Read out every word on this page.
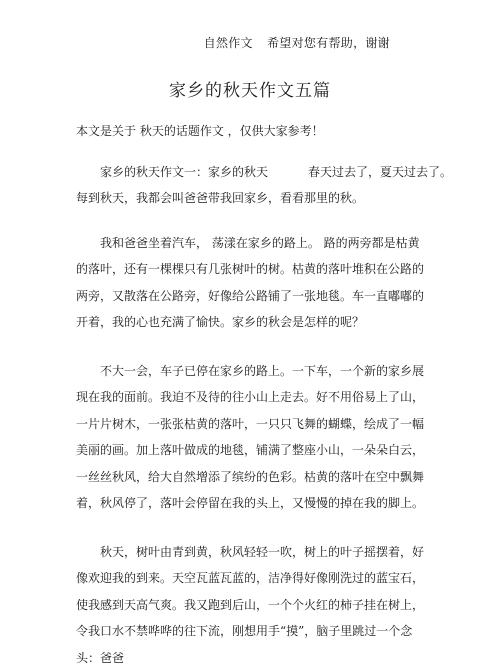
自然作文 希望对您有帮助，谢谢
家乡的秋天作文五篇

本文是关于 秋天的话题作文 ，仅供大家参考！

家乡的秋天作文一：家乡的秋天	春天过去了，夏天过去了。

每到秋天，我都会叫爸爸带我回家乡，看看那里的秋。

我和爸爸坐着汽车， 荡漾在家乡的路上。 路的两旁都是枯黄的落叶，还有一棵棵只有几张树叶的树。枯黄的落叶堆积在公路的两旁，又散落在公路旁，好像给公路铺了一张地毯。车一直嘟嘟的开着，我的心也充满了愉快。家乡的秋会是怎样的呢？

不大一会，车子已停在家乡的路上。一下车，一个新的家乡展现在我的面前。我迫不及待的往小山上走去。好不用俗易上了山，一片片树木，一张张枯黄的落叶，一只只飞舞的蝴蝶，绘成了一幅美丽的画。加上落叶做成的地毯，铺满了整座小山，一朵朵白云，一丝丝秋风，给大自然增添了缤纷的色彩。枯黄的落叶在空中飘舞着，秋风停了，落叶会停留在我的头上，又慢慢的掉在我的脚上。

秋天，树叶由青到黄，秋风轻轻一吹，树上的叶子摇摆着，好像欢迎我的到来。天空瓦蓝瓦蓝的，洁净得好像刚洗过的蓝宝石，使我感到天高气爽。我又跑到后山，一个个火红的柿子挂在树上，令我口水不禁哗哗的往下流，刚想用手“摸”，脑子里跳过一个念头：爸爸
